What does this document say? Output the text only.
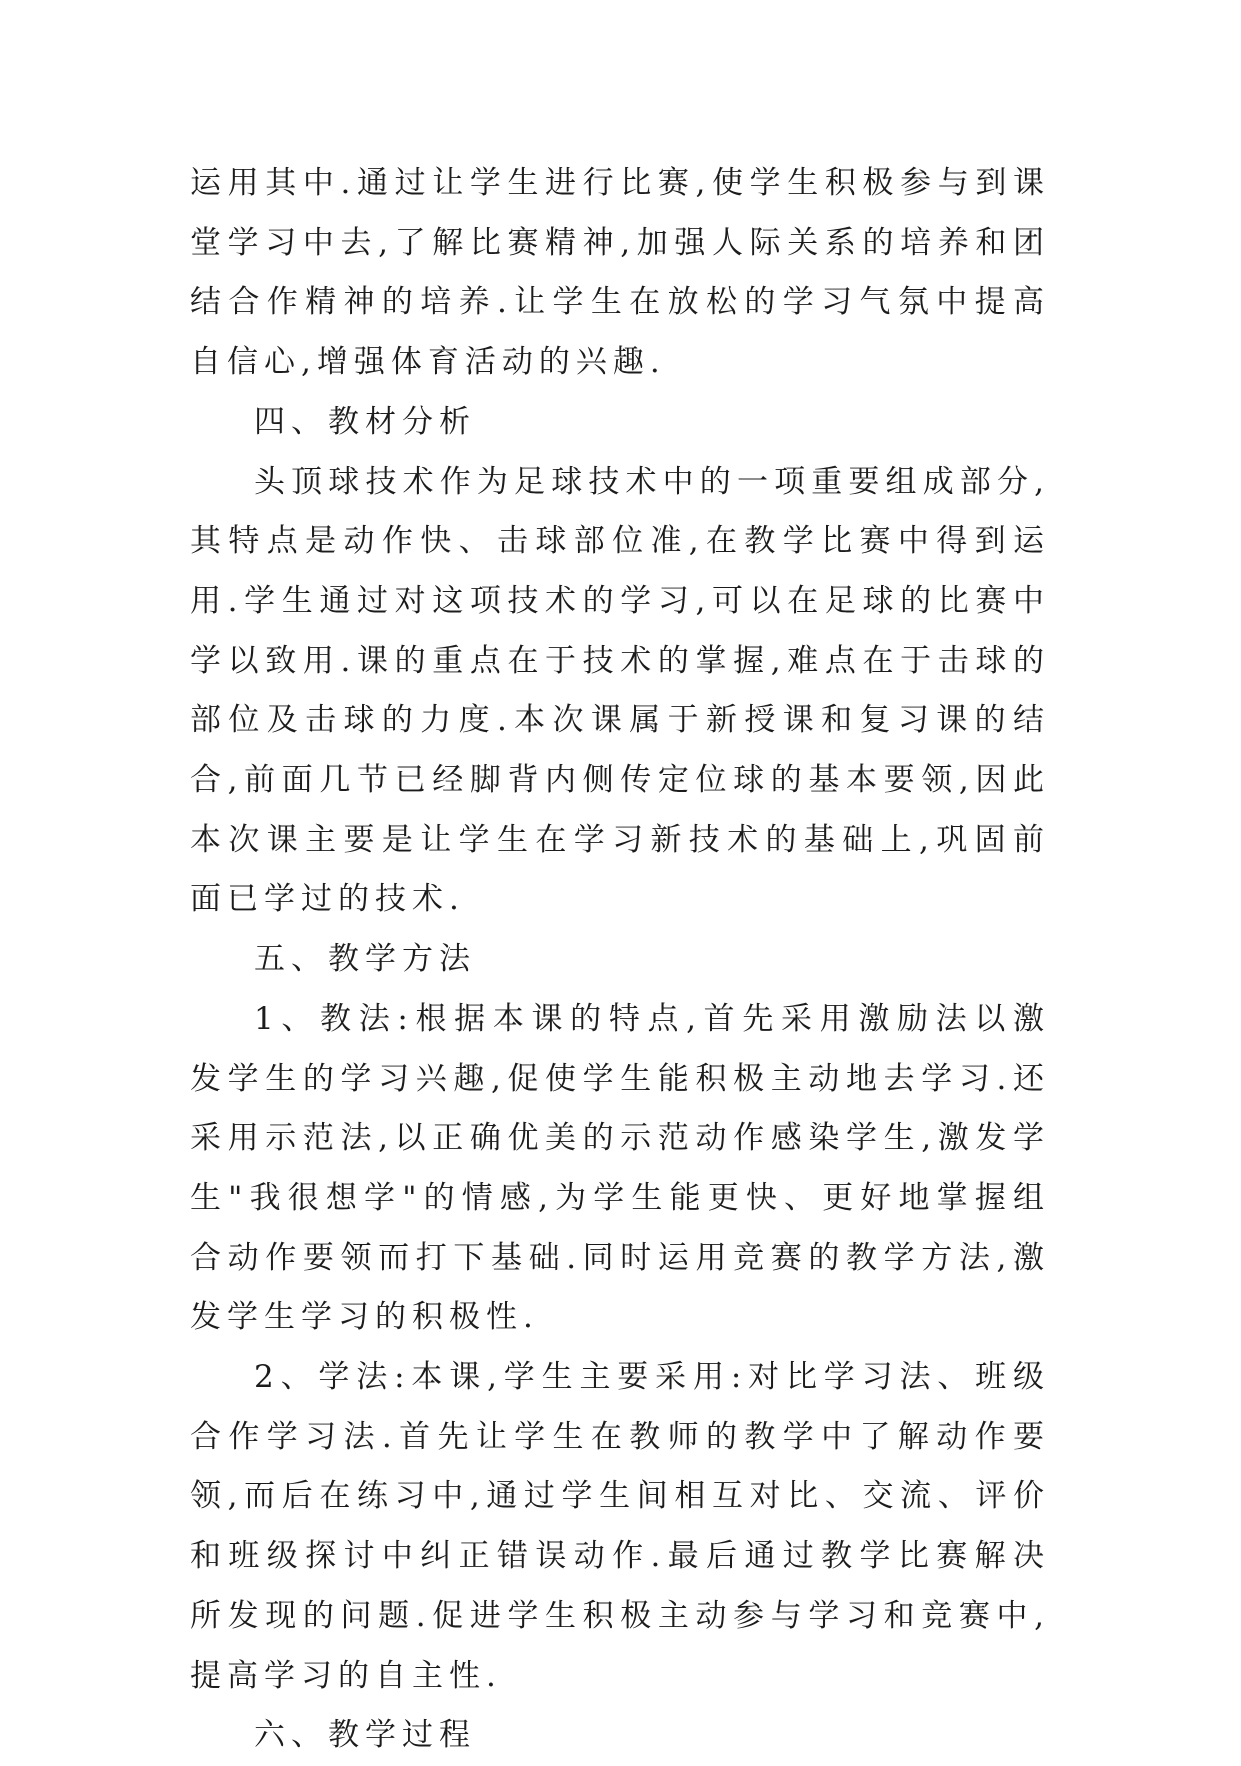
运用其中.通过让学生进行比赛,使学生积极参与到课堂学习中去,了解比赛精神,加强人际关系的培养和团结合作精神的培养.让学生在放松的学习气氛中提高自信心,增强体育活动的兴趣.

四、教材分析

头顶球技术作为足球技术中的一项重要组成部分,其特点是动作快、击球部位准,在教学比赛中得到运用.学生通过对这项技术的学习,可以在足球的比赛中学以致用.课的重点在于技术的掌握,难点在于击球的部位及击球的力度.本次课属于新授课和复习课的结合,前面几节已经脚背内侧传定位球的基本要领,因此本次课主要是让学生在学习新技术的基础上,巩固前面已学过的技术.

五、教学方法

1、教法:根据本课的特点,首先采用激励法以激发学生的学习兴趣,促使学生能积极主动地去学习.还采用示范法,以正确优美的示范动作感染学生,激发学生"我很想学"的情感,为学生能更快、更好地掌握组合动作要领而打下基础.同时运用竞赛的教学方法,激发学生学习的积极性.

2、学法:本课,学生主要采用:对比学习法、班级合作学习法.首先让学生在教师的教学中了解动作要领,而后在练习中,通过学生间相互对比、交流、评价和班级探讨中纠正错误动作.最后通过教学比赛解决所发现的问题.促进学生积极主动参与学习和竞赛中,提高学习的自主性.

六、教学过程
